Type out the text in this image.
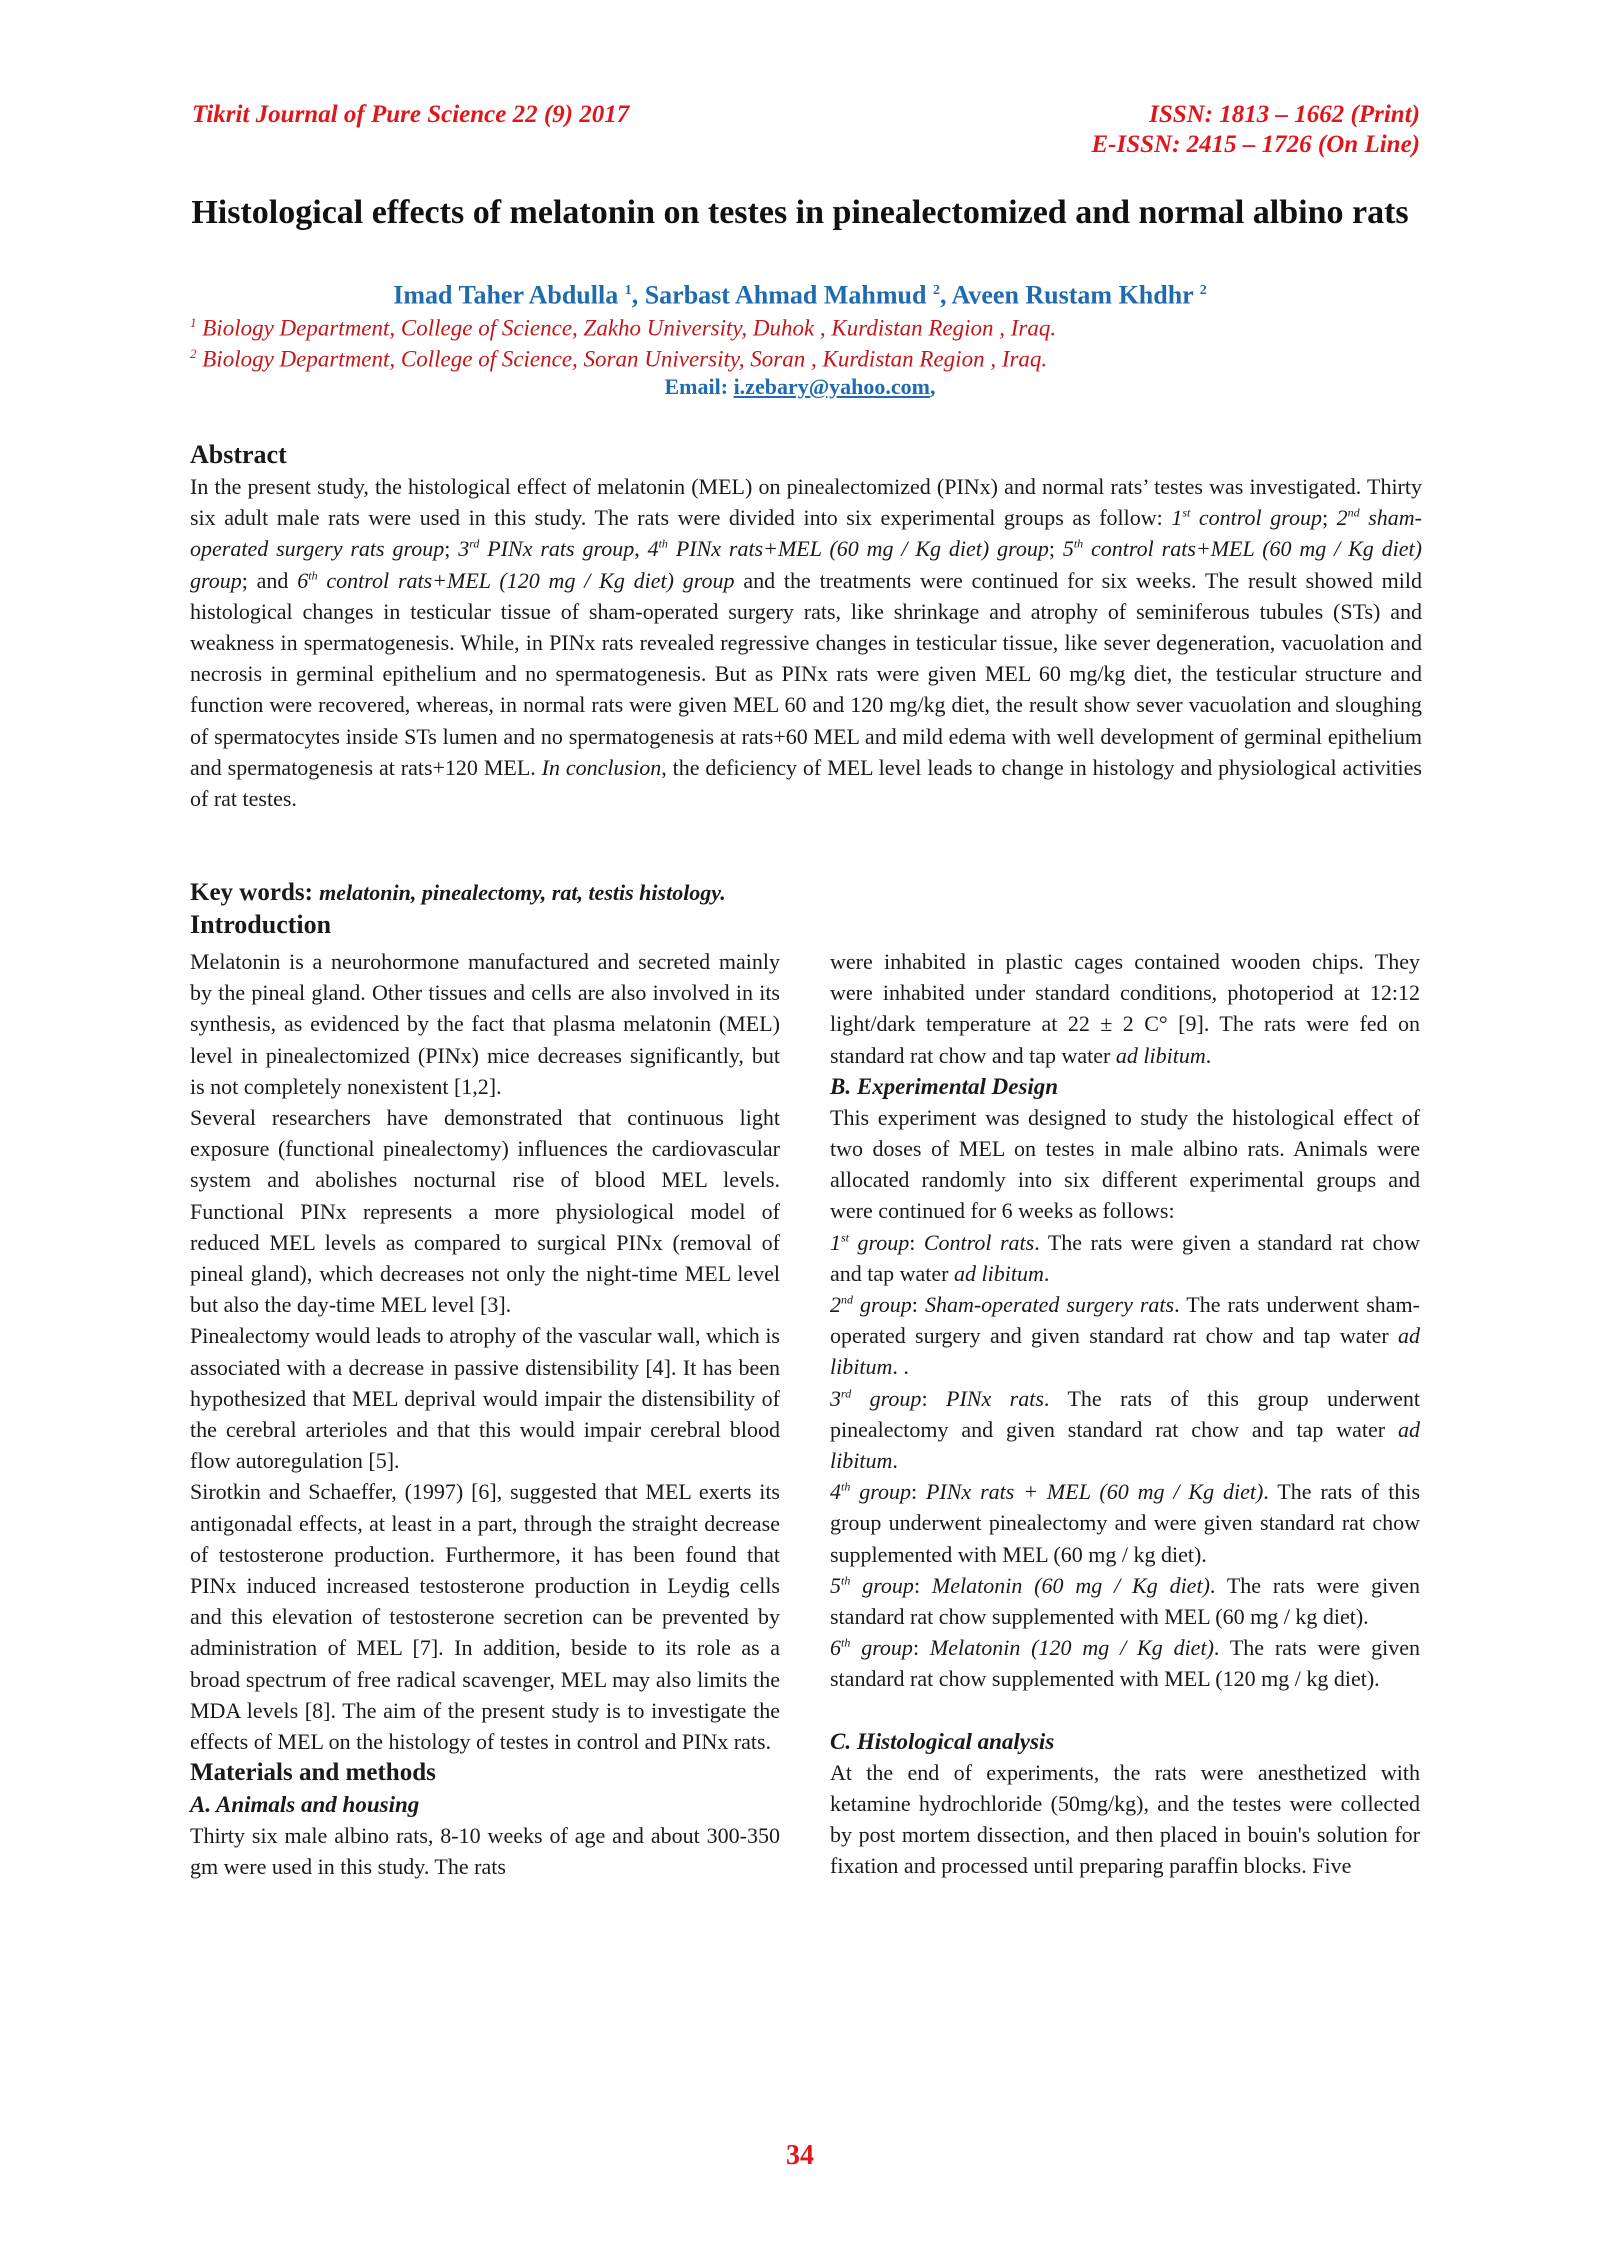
Tikrit Journal of Pure Science 22 (9) 2017	ISSN: 1813 – 1662 (Print)
E-ISSN: 2415 – 1726 (On Line)
Histological effects of melatonin on testes in pinealectomized and normal albino rats
Imad Taher Abdulla $^1$, Sarbast Ahmad Mahmud $^2$, Aveen Rustam Khdhr $^2$
$^1$ Biology Department, College of Science, Zakho University, Duhok , Kurdistan Region , Iraq.
$^2$ Biology Department, College of Science, Soran University, Soran , Kurdistan Region , Iraq.
Email: i.zebary@yahoo.com,
Abstract
In the present study, the histological effect of melatonin (MEL) on pinealectomized (PINx) and normal rats’ testes was investigated. Thirty six adult male rats were used in this study. The rats were divided into six experimental groups as follow: 1st control group; 2nd sham-operated surgery rats group; 3rd PINx rats group, 4th PINx rats+MEL (60 mg / Kg diet) group; 5th control rats+MEL (60 mg / Kg diet) group; and 6th control rats+MEL (120 mg / Kg diet) group and the treatments were continued for six weeks. The result showed mild histological changes in testicular tissue of sham-operated surgery rats, like shrinkage and atrophy of seminiferous tubules (STs) and weakness in spermatogenesis. While, in PINx rats revealed regressive changes in testicular tissue, like sever degeneration, vacuolation and necrosis in germinal epithelium and no spermatogenesis. But as PINx rats were given MEL 60 mg/kg diet, the testicular structure and function were recovered, whereas, in normal rats were given MEL 60 and 120 mg/kg diet, the result show sever vacuolation and sloughing of spermatocytes inside STs lumen and no spermatogenesis at rats+60 MEL and mild edema with well development of germinal epithelium and spermatogenesis at rats+120 MEL. In conclusion, the deficiency of MEL level leads to change in histology and physiological activities of rat testes.
Key words: melatonin, pinealectomy, rat, testis histology.
Introduction

Melatonin is a neurohormone manufactured and secreted mainly by the pineal gland. Other tissues and cells are also involved in its synthesis, as evidenced by the fact that plasma melatonin (MEL) level in pinealectomized (PINx) mice decreases significantly, but is not completely nonexistent [1,2].

Several researchers have demonstrated that continuous light exposure (functional pinealectomy) influences the cardiovascular system and abolishes nocturnal rise of blood MEL levels. Functional PINx represents a more physiological model of reduced MEL levels as compared to surgical PINx (removal of pineal gland), which decreases not only the night-time MEL level but also the day-time MEL level [3].

Pinealectomy would leads to atrophy of the vascular wall, which is associated with a decrease in passive distensibility [4]. It has been hypothesized that MEL deprival would impair the distensibility of the cerebral arterioles and that this would impair cerebral blood flow autoregulation [5].

Sirotkin and Schaeffer, (1997) [6], suggested that MEL exerts its antigonadal effects, at least in a part, through the straight decrease of testosterone production. Furthermore, it has been found that PINx induced increased testosterone production in Leydig cells and this elevation of testosterone secretion can be prevented by administration of MEL [7]. In addition, beside to its role as a broad spectrum of free radical scavenger, MEL may also limits the MDA levels [8]. The aim of the present study is to investigate the effects of MEL on the histology of testes in control and PINx rats.

Materials and methods

A. Animals and housing

Thirty six male albino rats, 8-10 weeks of age and about 300-350 gm were used in this study. The rats

were inhabited in plastic cages contained wooden chips. They were inhabited under standard conditions, photoperiod at 12:12 light/dark temperature at 22 ± 2 C° [9]. The rats were fed on standard rat chow and tap water ad libitum.

B. Experimental Design

This experiment was designed to study the histological effect of two doses of MEL on testes in male albino rats. Animals were allocated randomly into six different experimental groups and were continued for 6 weeks as follows:

1st group: Control rats. The rats were given a standard rat chow and tap water ad libitum.

2nd group: Sham-operated surgery rats. The rats underwent sham-operated surgery and given standard rat chow and tap water ad libitum. .

3rd group: PINx rats. The rats of this group underwent pinealectomy and given standard rat chow and tap water ad libitum.

4th group: PINx rats + MEL (60 mg / Kg diet). The rats of this group underwent pinealectomy and were given standard rat chow supplemented with MEL (60 mg / kg diet).

5th group: Melatonin (60 mg / Kg diet). The rats were given standard rat chow supplemented with MEL (60 mg / kg diet).

6th group: Melatonin (120 mg / Kg diet). The rats were given standard rat chow supplemented with MEL (120 mg / kg diet).

C. Histological analysis

At the end of experiments, the rats were anesthetized with ketamine hydrochloride (50mg/kg), and the testes were collected by post mortem dissection, and then placed in bouin's solution for fixation and processed until preparing paraffin blocks. Five

34
